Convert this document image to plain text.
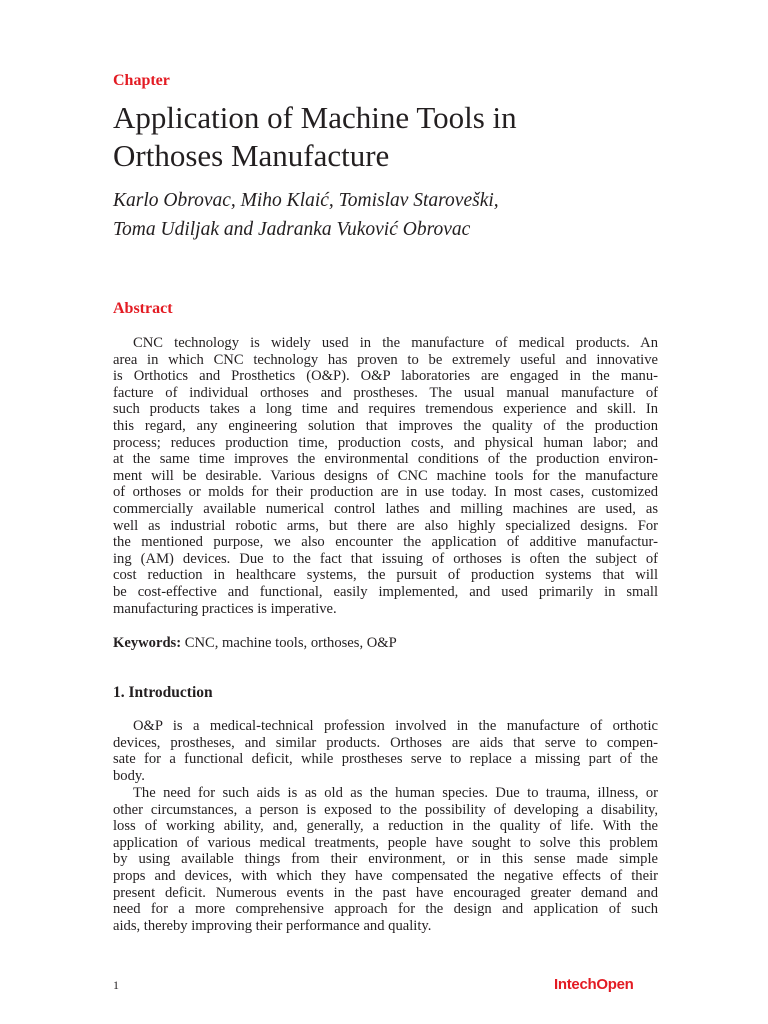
Chapter
Application of Machine Tools in
Orthoses Manufacture
Karlo Obrovac, Miho Klaić, Tomislav Staroveški,
Toma Udiljak and Jadranka Vuković Obrovac
Abstract
CNC technology is widely used in the manufacture of medical products. An
area in which CNC technology has proven to be extremely useful and innovative
is Orthotics and Prosthetics (O&P). O&P laboratories are engaged in the manu-
facture of individual orthoses and prostheses. The usual manual manufacture of
such products takes a long time and requires tremendous experience and skill. In
this regard, any engineering solution that improves the quality of the production
process; reduces production time, production costs, and physical human labor; and
at the same time improves the environmental conditions of the production environ-
ment will be desirable. Various designs of CNC machine tools for the manufacture
of orthoses or molds for their production are in use today. In most cases, customized
commercially available numerical control lathes and milling machines are used, as
well as industrial robotic arms, but there are also highly specialized designs. For
the mentioned purpose, we also encounter the application of additive manufactur-
ing (AM) devices. Due to the fact that issuing of orthoses is often the subject of
cost reduction in healthcare systems, the pursuit of production systems that will
be cost-effective and functional, easily implemented, and used primarily in small
manufacturing practices is imperative.
Keywords: CNC, machine tools, orthoses, O&P
1. Introduction
O&P is a medical-technical profession involved in the manufacture of orthotic
devices, prostheses, and similar products. Orthoses are aids that serve to compen-
sate for a functional deficit, while prostheses serve to replace a missing part of the
body.
The need for such aids is as old as the human species. Due to trauma, illness, or
other circumstances, a person is exposed to the possibility of developing a disability,
loss of working ability, and, generally, a reduction in the quality of life. With the
application of various medical treatments, people have sought to solve this problem
by using available things from their environment, or in this sense made simple
props and devices, with which they have compensated the negative effects of their
present deficit. Numerous events in the past have encouraged greater demand and
need for a more comprehensive approach for the design and application of such
aids, thereby improving their performance and quality.
1	IntechOpen
